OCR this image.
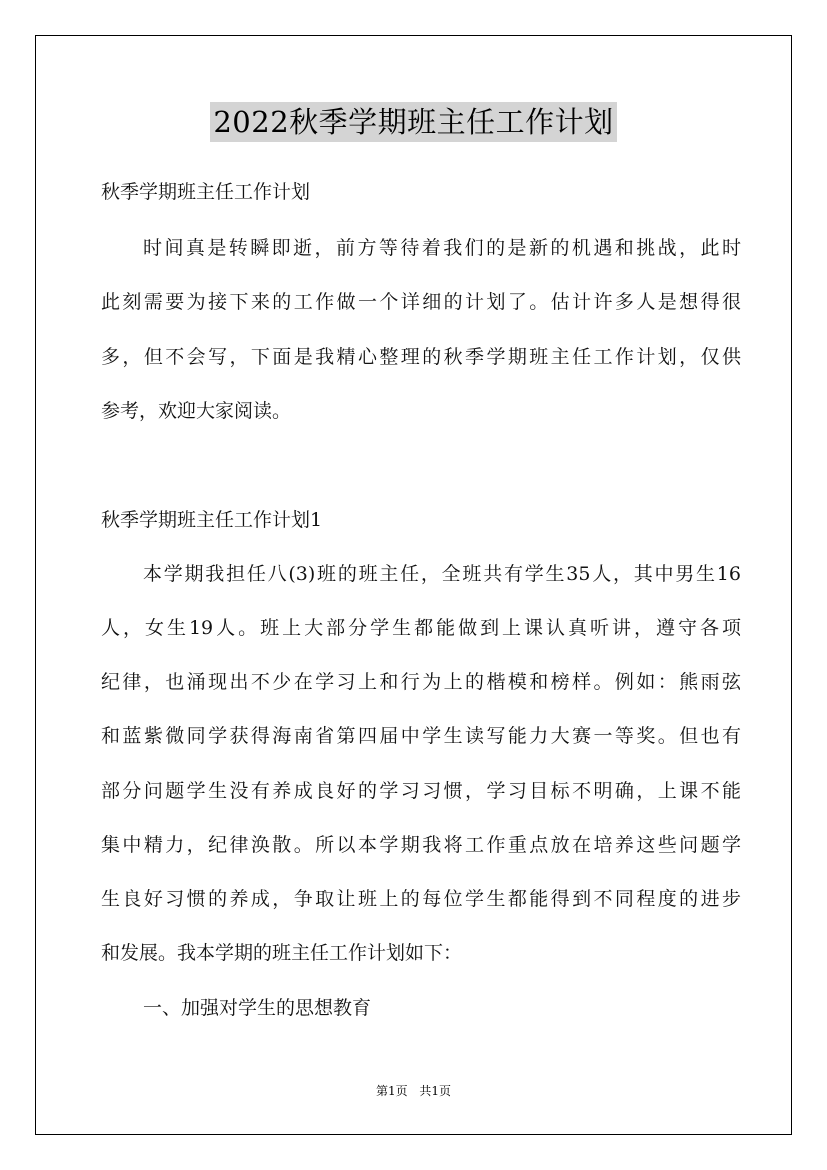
2022秋季学期班主任工作计划
秋季学期班主任工作计划
时间真是转瞬即逝，前方等待着我们的是新的机遇和挑战，此时
此刻需要为接下来的工作做一个详细的计划了。估计许多人是想得很
多，但不会写，下面是我精心整理的秋季学期班主任工作计划，仅供
参考，欢迎大家阅读。
秋季学期班主任工作计划1
本学期我担任八(3)班的班主任，全班共有学生35人，其中男生16
人，女生19人。班上大部分学生都能做到上课认真听讲，遵守各项
纪律，也涌现出不少在学习上和行为上的楷模和榜样。例如：熊雨弦
和蓝紫微同学获得海南省第四届中学生读写能力大赛一等奖。但也有
部分问题学生没有养成良好的学习习惯，学习目标不明确，上课不能
集中精力，纪律涣散。所以本学期我将工作重点放在培养这些问题学
生良好习惯的养成，争取让班上的每位学生都能得到不同程度的进步
和发展。我本学期的班主任工作计划如下：
一、加强对学生的思想教育
第1页 共1页
